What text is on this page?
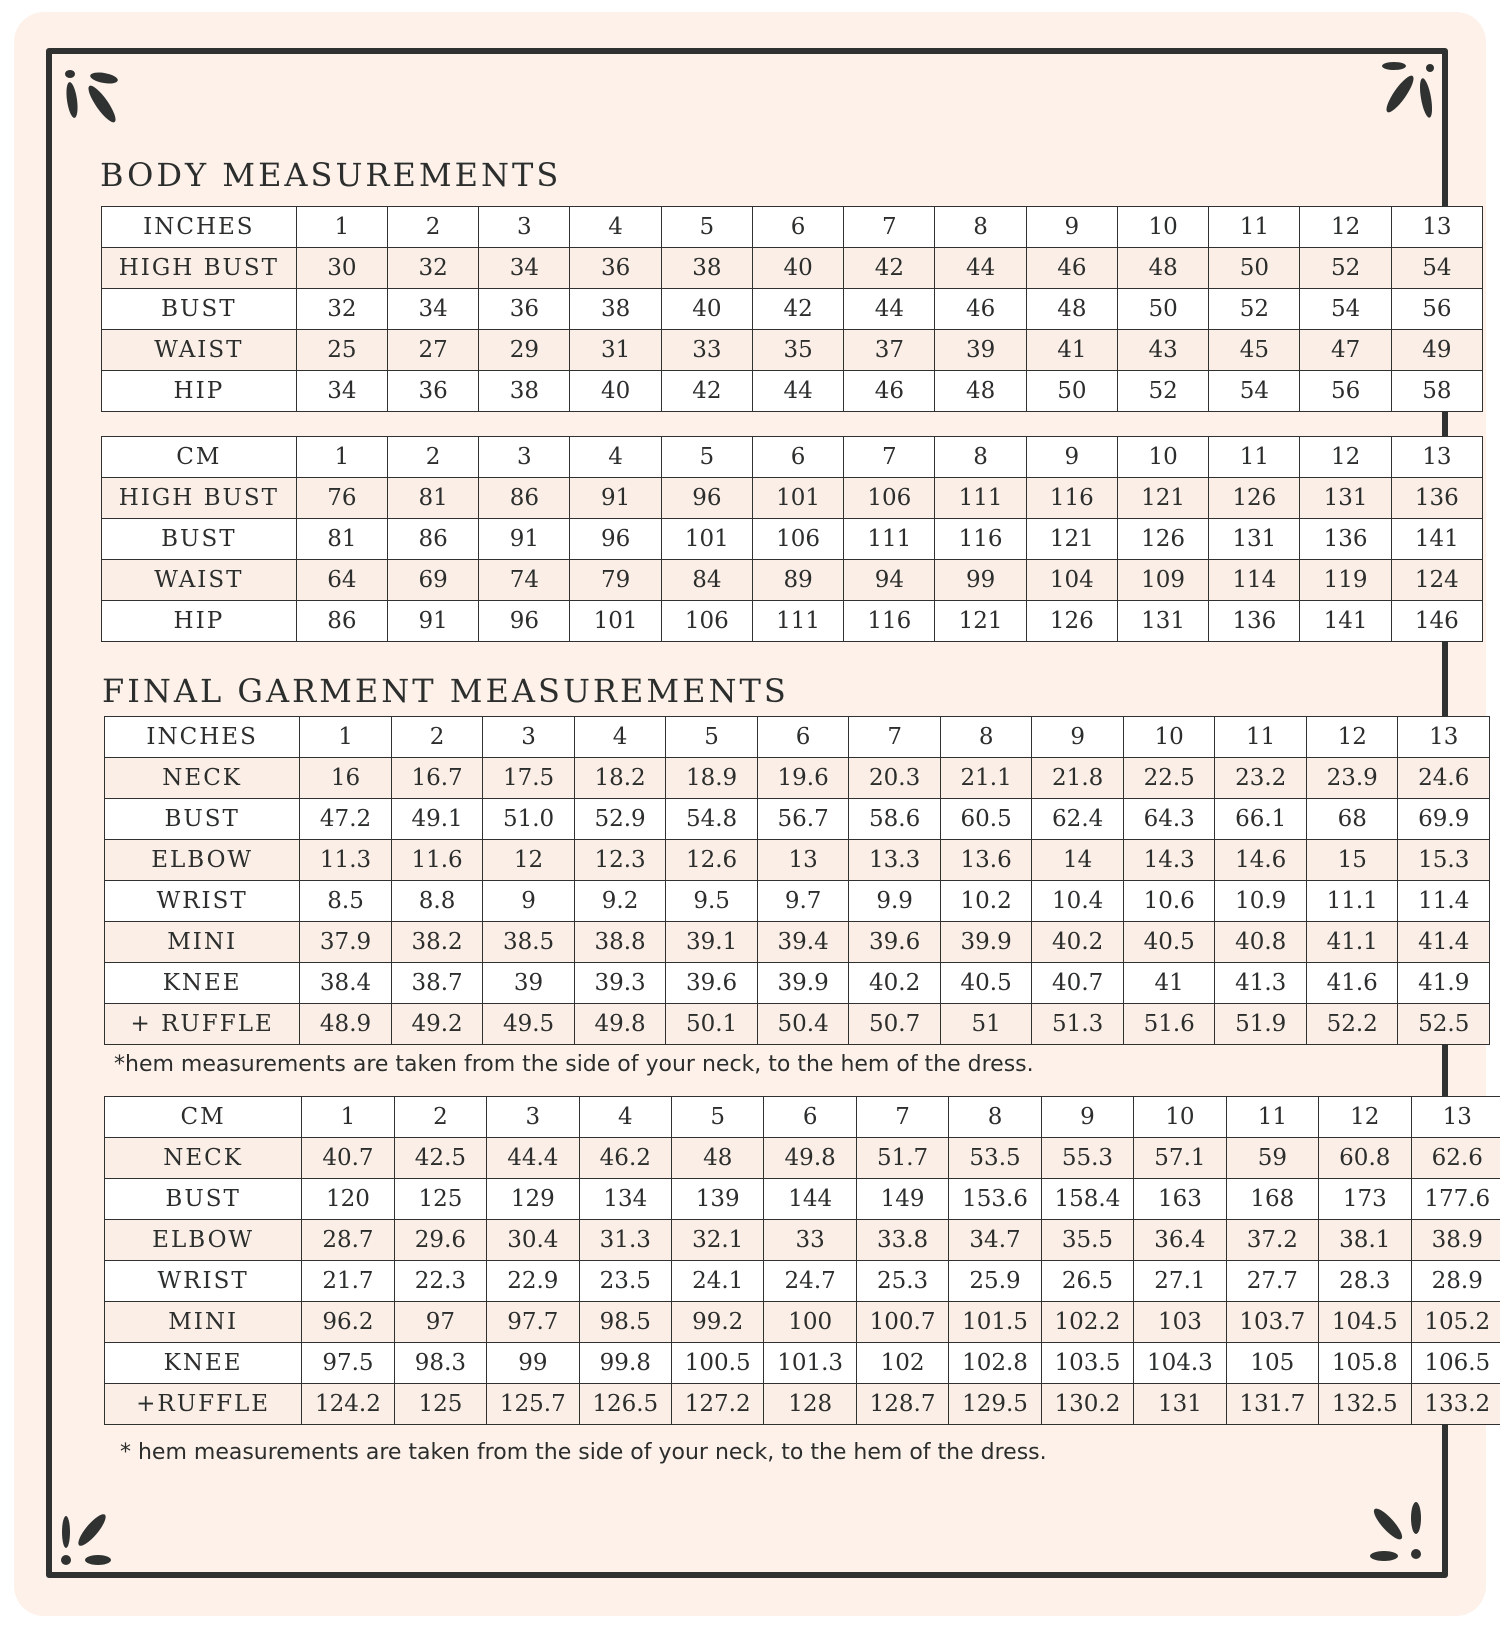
BODY MEASUREMENTS
INCHES	1	2	3	4	5	6	7	8	9	10	11	12	13
HIGH BUST	30	32	34	36	38	40	42	44	46	48	50	52	54
BUST	32	34	36	38	40	42	44	46	48	50	52	54	56
WAIST	25	27	29	31	33	35	37	39	41	43	45	47	49
HIP	34	36	38	40	42	44	46	48	50	52	54	56	58
CM	1	2	3	4	5	6	7	8	9	10	11	12	13
HIGH BUST	76	81	86	91	96	101	106	111	116	121	126	131	136
BUST	81	86	91	96	101	106	111	116	121	126	131	136	141
WAIST	64	69	74	79	84	89	94	99	104	109	114	119	124
HIP	86	91	96	101	106	111	116	121	126	131	136	141	146
FINAL GARMENT MEASUREMENTS
INCHES	1	2	3	4	5	6	7	8	9	10	11	12	13
NECK	16	16.7	17.5	18.2	18.9	19.6	20.3	21.1	21.8	22.5	23.2	23.9	24.6
BUST	47.2	49.1	51.0	52.9	54.8	56.7	58.6	60.5	62.4	64.3	66.1	68	69.9
ELBOW	11.3	11.6	12	12.3	12.6	13	13.3	13.6	14	14.3	14.6	15	15.3
WRIST	8.5	8.8	9	9.2	9.5	9.7	9.9	10.2	10.4	10.6	10.9	11.1	11.4
MINI	37.9	38.2	38.5	38.8	39.1	39.4	39.6	39.9	40.2	40.5	40.8	41.1	41.4
KNEE	38.4	38.7	39	39.3	39.6	39.9	40.2	40.5	40.7	41	41.3	41.6	41.9
+ RUFFLE	48.9	49.2	49.5	49.8	50.1	50.4	50.7	51	51.3	51.6	51.9	52.2	52.5

*hem measurements are taken from the side of your neck, to the hem of the dress.

CM	1	2	3	4	5	6	7	8	9	10	11	12	13
NECK	40.7	42.5	44.4	46.2	48	49.8	51.7	53.5	55.3	57.1	59	60.8	62.6
BUST	120	125	129	134	139	144	149	153.6	158.4	163	168	173	177.6
ELBOW	28.7	29.6	30.4	31.3	32.1	33	33.8	34.7	35.5	36.4	37.2	38.1	38.9
WRIST	21.7	22.3	22.9	23.5	24.1	24.7	25.3	25.9	26.5	27.1	27.7	28.3	28.9
MINI	96.2	97	97.7	98.5	99.2	100	100.7	101.5	102.2	103	103.7	104.5	105.2
KNEE	97.5	98.3	99	99.8	100.5	101.3	102	102.8	103.5	104.3	105	105.8	106.5
+RUFFLE	124.2	125	125.7	126.5	127.2	128	128.7	129.5	130.2	131	131.7	132.5	133.2

* hem measurements are taken from the side of your neck, to the hem of the dress.
